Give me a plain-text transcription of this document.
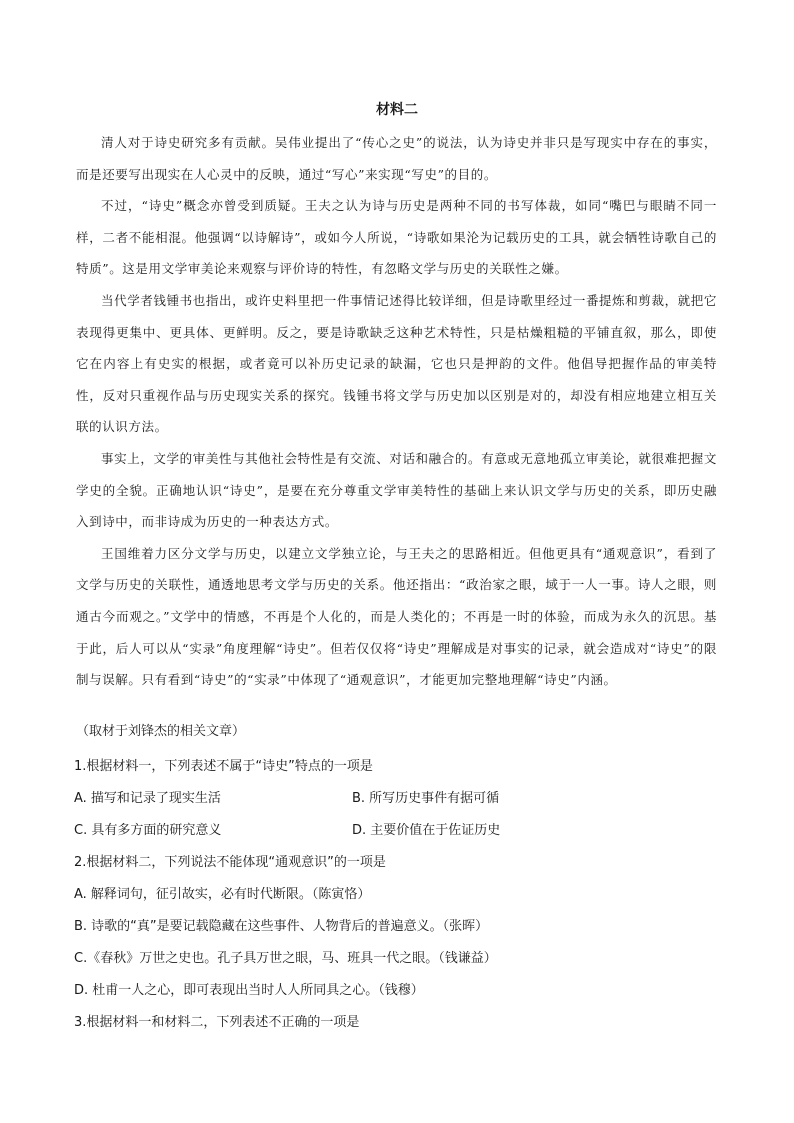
材料二

清人对于诗史研究多有贡献。吴伟业提出了“传心之史”的说法，认为诗史并非只是写现实中存在的事实，而是还要写出现实在人心灵中的反映，通过“写心”来实现“写史”的目的。

不过，“诗史”概念亦曾受到质疑。王夫之认为诗与历史是两种不同的书写体裁，如同“嘴巴与眼睛不同一样，二者不能相混。他强调“以诗解诗”，或如今人所说，“诗歌如果沦为记载历史的工具，就会牺牲诗歌自己的特质”。这是用文学审美论来观察与评价诗的特性，有忽略文学与历史的关联性之嫌。

当代学者钱锺书也指出，或许史料里把一件事情记述得比较详细，但是诗歌里经过一番提炼和剪裁，就把它表现得更集中、更具体、更鲜明。反之，要是诗歌缺乏这种艺术特性，只是枯燥粗糙的平铺直叙，那么，即使它在内容上有史实的根据，或者竟可以补历史记录的缺漏，它也只是押韵的文件。他倡导把握作品的审美特性，反对只重视作品与历史现实关系的探究。钱锺书将文学与历史加以区别是对的，却没有相应地建立相互关联的认识方法。

事实上，文学的审美性与其他社会特性是有交流、对话和融合的。有意或无意地孤立审美论，就很难把握文学史的全貌。正确地认识“诗史”，是要在充分尊重文学审美特性的基础上来认识文学与历史的关系，即历史融入到诗中，而非诗成为历史的一种表达方式。

王国维着力区分文学与历史，以建立文学独立论，与王夫之的思路相近。但他更具有“通观意识”，看到了文学与历史的关联性，通透地思考文学与历史的关系。他还指出：“政治家之眼，域于一人一事。诗人之眼，则通古今而观之。”文学中的情感，不再是个人化的，而是人类化的；不再是一时的体验，而成为永久的沉思。基于此，后人可以从“实录”角度理解“诗史”。但若仅仅将“诗史”理解成是对事实的记录，就会造成对“诗史”的限制与误解。只有看到“诗史”的“实录”中体现了“通观意识”，才能更加完整地理解“诗史”内涵。

（取材于刘锋杰的相关文章）
1.根据材料一，下列表述不属于“诗史”特点的一项是
A. 描写和记录了现实生活	B. 所写历史事件有据可循
C. 具有多方面的研究意义	D. 主要价值在于佐证历史
2.根据材料二，下列说法不能体现“通观意识”的一项是
A. 解释词句，征引故实，必有时代断限。（陈寅恪）
B. 诗歌的“真”是要记载隐藏在这些事件、人物背后的普遍意义。（张晖）
C.《春秋》万世之史也。孔子具万世之眼，马、班具一代之眼。（钱谦益）
D. 杜甫一人之心，即可表现出当时人人所同具之心。（钱穆）
3.根据材料一和材料二，下列表述不正确的一项是
